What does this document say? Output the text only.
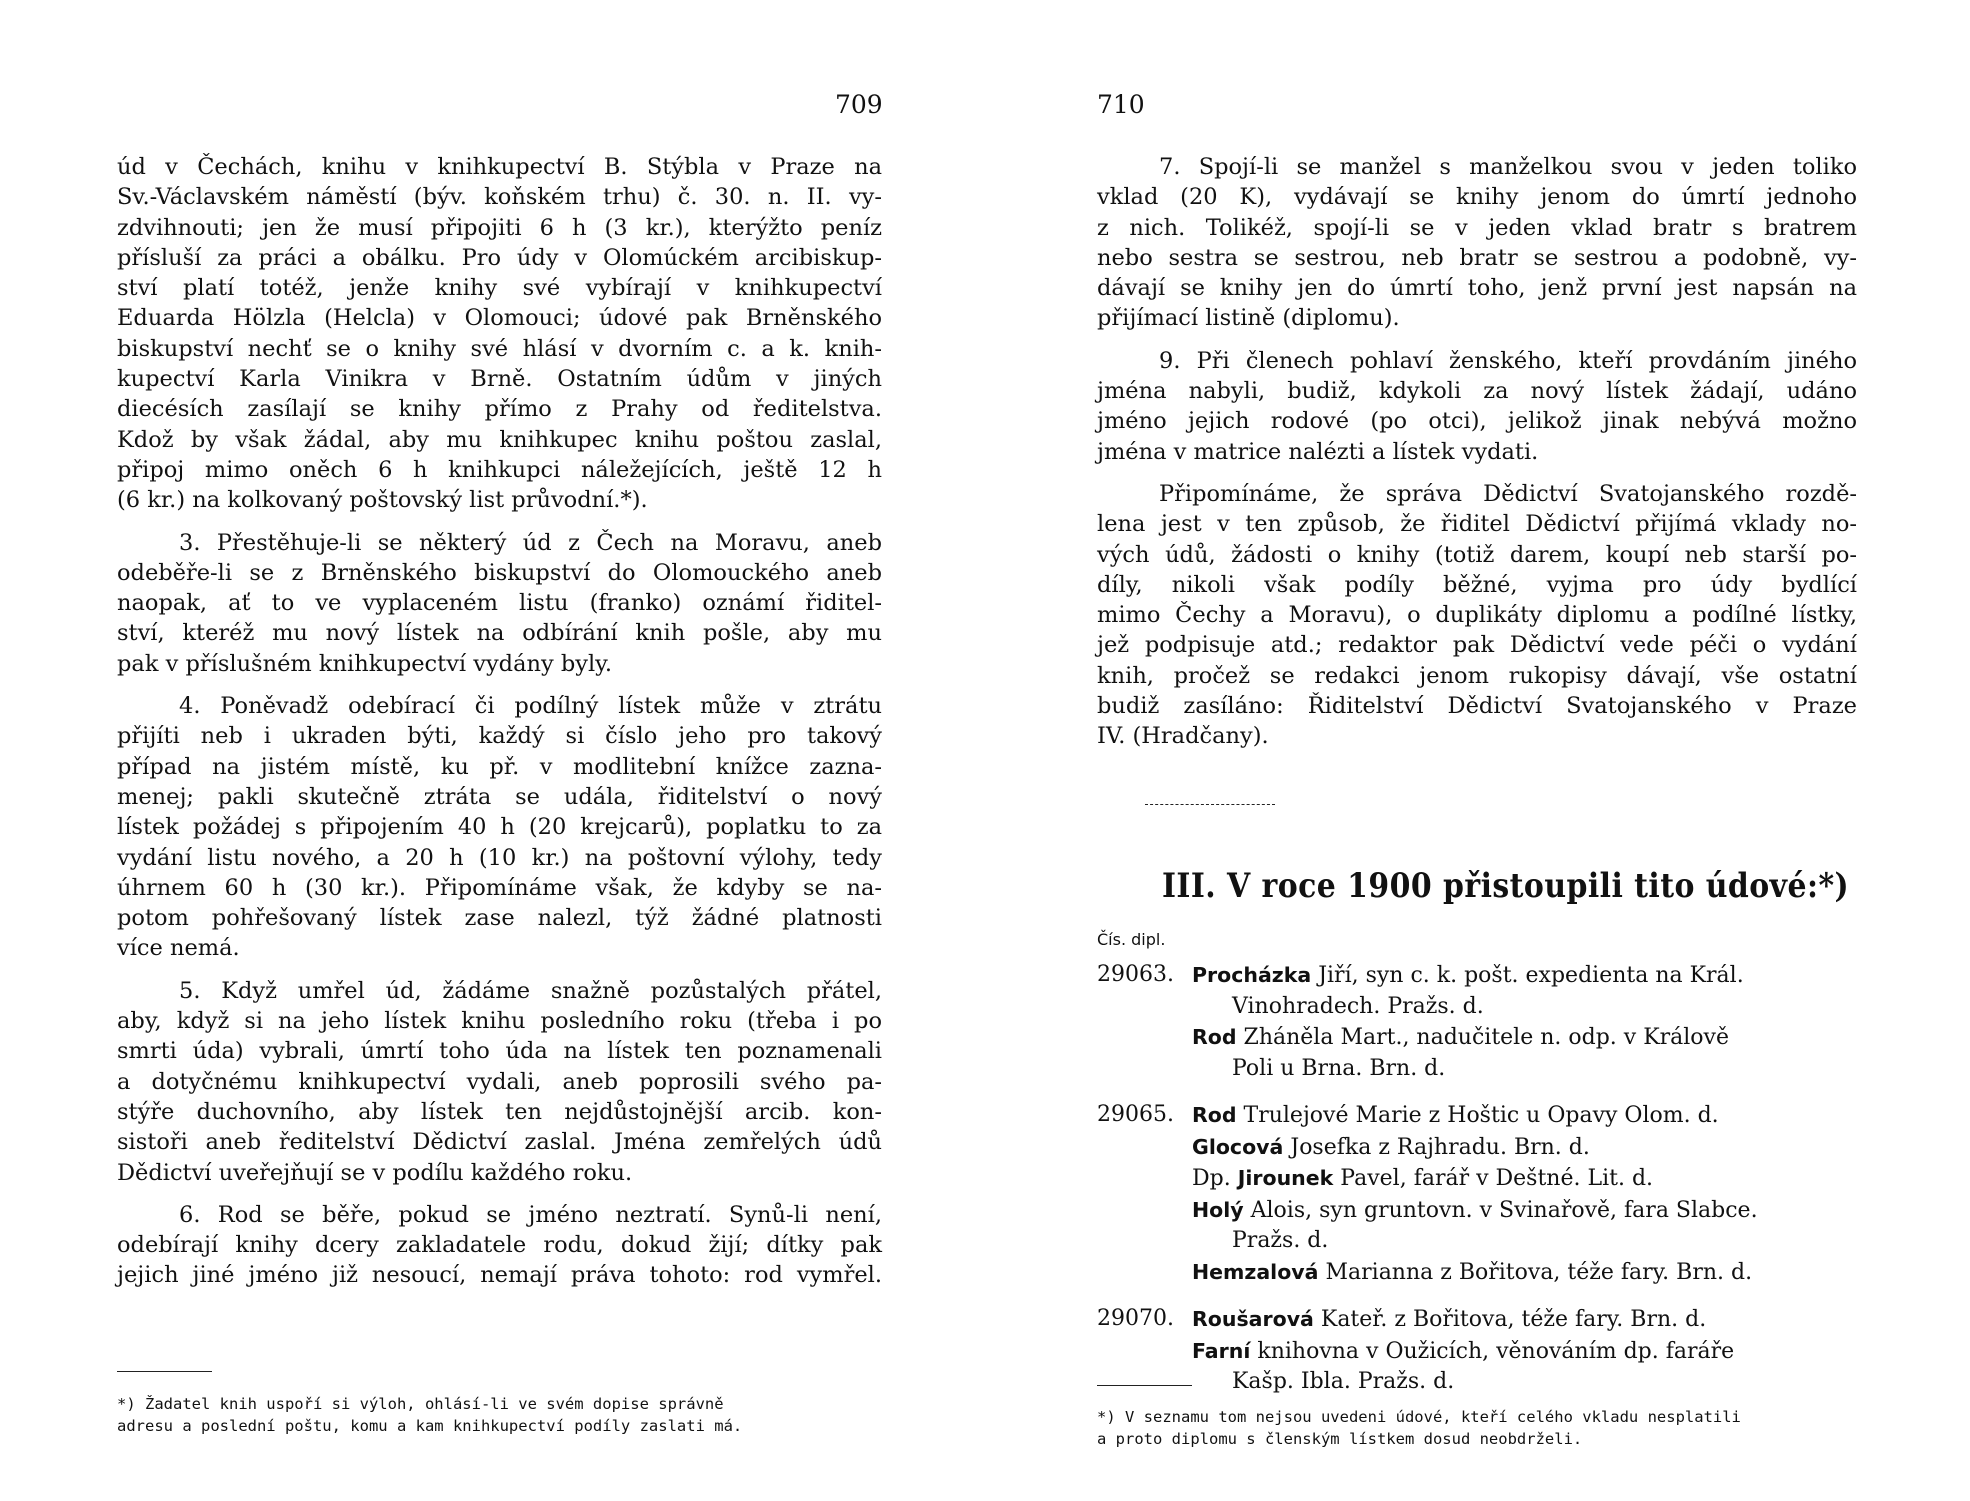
709
úd v Čechách, knihu v knihkupectví B. Stýbla v Praze na
Sv.-Václavském náměstí (býv. koňském trhu) č. 30. n. II. vy-
zdvihnouti; jen že musí připojiti 6 h (3 kr.), kterýžto peníz
přísluší za práci a obálku. Pro údy v Olomúckém arcibiskup-
ství platí totéž, jenže knihy své vybírají v knihkupectví
Eduarda Hölzla (Helcla) v Olomouci; údové pak Brněnského
biskupství nechť se o knihy své hlásí v dvorním c. a k. knih-
kupectví Karla Vinikra v Brně. Ostatním údům v jiných
diecésích zasílají se knihy přímo z Prahy od ředitelstva.
Kdož by však žádal, aby mu knihkupec knihu poštou zaslal,
připoj mimo oněch 6 h knihkupci náležejících, ještě 12 h
(6 kr.) na kolkovaný poštovský list průvodní.*).
3. Přestěhuje-li se některý úd z Čech na Moravu, aneb
odeběře-li se z Brněnského biskupství do Olomouckého aneb
naopak, ať to ve vyplaceném listu (franko) oznámí řiditel-
ství, kteréž mu nový lístek na odbírání knih pošle, aby mu
pak v příslušném knihkupectví vydány byly.
4. Poněvadž odebírací či podílný lístek může v ztrátu
přijíti neb i ukraden býti, každý si číslo jeho pro takový
případ na jistém místě, ku př. v modlitební knížce zazna-
menej; pakli skutečně ztráta se udála, řiditelství o nový
lístek požádej s připojením 40 h (20 krejcarů), poplatku to za
vydání listu nového, a 20 h (10 kr.) na poštovní výlohy, tedy
úhrnem 60 h (30 kr.). Připomínáme však, že kdyby se na-
potom pohřešovaný lístek zase nalezl, týž žádné platnosti
více nemá.
5. Když umřel úd, žádáme snažně pozůstalých přátel,
aby, když si na jeho lístek knihu posledního roku (třeba i po
smrti úda) vybrali, úmrtí toho úda na lístek ten poznamenali
a dotyčnému knihkupectví vydali, aneb poprosili svého pa-
stýře duchovního, aby lístek ten nejdůstojnější arcib. kon-
sistoři aneb ředitelství Dědictví zaslal. Jména zemřelých údů
Dědictví uveřejňují se v podílu každého roku.
6. Rod se běře, pokud se jméno neztratí. Synů-li není,
odebírají knihy dcery zakladatele rodu, dokud žijí; dítky pak
jejich jiné jméno již nesoucí, nemají práva tohoto: rod vymřel.
*) Žadatel knih uspoří si výloh, ohlásí-li ve svém dopise správně
adresu a poslední poštu, komu a kam knihkupectví podíly zaslati má.
710
7. Spojí-li se manžel s manželkou svou v jeden toliko
vklad (20 K), vydávají se knihy jenom do úmrtí jednoho
z nich. Tolikéž, spojí-li se v jeden vklad bratr s bratrem
nebo sestra se sestrou, neb bratr se sestrou a podobně, vy-
dávají se knihy jen do úmrtí toho, jenž první jest napsán na
přijímací listině (diplomu).
9. Při členech pohlaví ženského, kteří provdáním jiného
jména nabyli, budiž, kdykoli za nový lístek žádají, udáno
jméno jejich rodové (po otci), jelikož jinak nebývá možno
jména v matrice nalézti a lístek vydati.
Připomínáme, že správa Dědictví Svatojanského rozdě-
lena jest v ten způsob, že řiditel Dědictví přijímá vklady no-
vých údů, žádosti o knihy (totiž darem, koupí neb starší po-
díly, nikoli však podíly běžné, vyjma pro údy bydlící
mimo Čechy a Moravu), o duplikáty diplomu a podílné lístky,
jež podpisuje atd.; redaktor pak Dědictví vede péči o vydání
knih, pročež se redakci jenom rukopisy dávají, vše ostatní
budiž zasíláno: Řiditelství Dědictví Svatojanského v Praze
IV. (Hradčany).
III. V roce 1900 přistoupili tito údové:*)
Čís. dipl.
29063. Procházka Jiří, syn c. k. pošt. expedienta na Král.
Vinohradech. Pražs. d.
Rod Zháněla Mart., nadučitele n. odp. v Králově
Poli u Brna. Brn. d.
29065. Rod Trulejové Marie z Hoštic u Opavy Olom. d.
Glocová Josefka z Rajhradu. Brn. d.
Dp. Jirounek Pavel, farář v Deštné. Lit. d.
Holý Alois, syn gruntovn. v Svinařově, fara Slabce.
Pražs. d.
Hemzalová Marianna z Bořitova, téže fary. Brn. d.
29070. Roušarová Kateř. z Bořitova, téže fary. Brn. d.
Farní knihovna v Oužicích, věnováním dp. faráře
Kašp. Ibla. Pražs. d.
*) V seznamu tom nejsou uvedeni údové, kteří celého vkladu nesplatili
a proto diplomu s členským lístkem dosud neobdrželi.
